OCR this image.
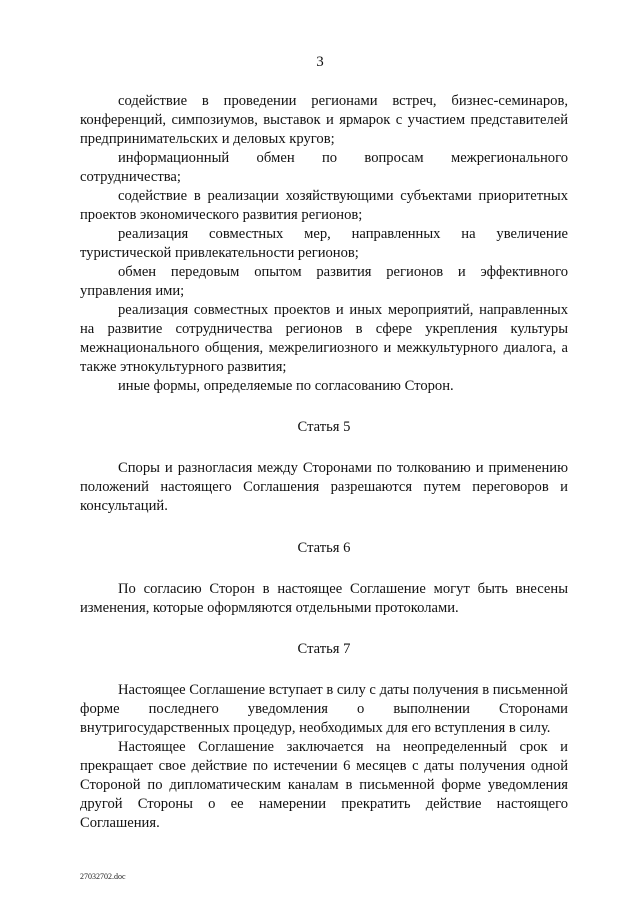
3

содействие в проведении регионами встреч, бизнес-семинаров, конференций, симпозиумов, выставок и ярмарок с участием представителей предпринимательских и деловых кругов;

информационный обмен по вопросам межрегионального сотрудничества;

содействие в реализации хозяйствующими субъектами приоритетных проектов экономического развития регионов;

реализация совместных мер, направленных на увеличение туристической привлекательности регионов;

обмен передовым опытом развития регионов и эффективного управления ими;

реализация совместных проектов и иных мероприятий, направленных на развитие сотрудничества регионов в сфере укрепления культуры межнационального общения, межрелигиозного и межкультурного диалога, а также этнокультурного развития;

иные формы, определяемые по согласованию Сторон.

Статья 5

Споры и разногласия между Сторонами по толкованию и применению положений настоящего Соглашения разрешаются путем переговоров и консультаций.

Статья 6

По согласию Сторон в настоящее Соглашение могут быть внесены изменения, которые оформляются отдельными протоколами.

Статья 7

Настоящее Соглашение вступает в силу с даты получения в письменной форме последнего уведомления о выполнении Сторонами внутригосударственных процедур, необходимых для его вступления в силу.

Настоящее Соглашение заключается на неопределенный срок и прекращает свое действие по истечении 6 месяцев с даты получения одной Стороной по дипломатическим каналам в письменной форме уведомления другой Стороны о ее намерении прекратить действие настоящего Соглашения.

27032702.doc
